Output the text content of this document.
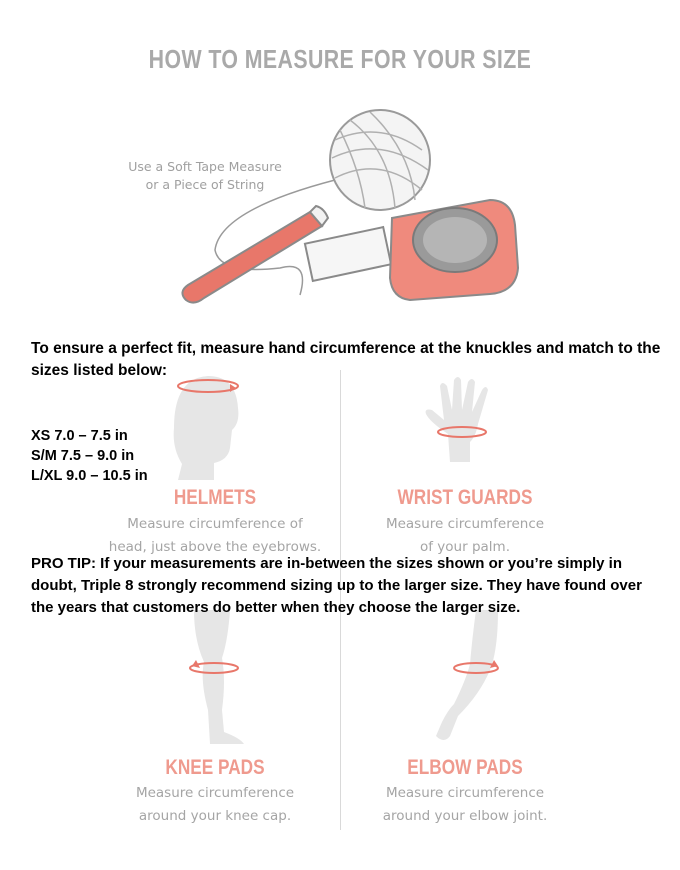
HOW TO MEASURE FOR YOUR SIZE
Use a Soft Tape Measure
or a Piece of String
HELMETS
Measure circumference of
head, just above the eyebrows.
WRIST GUARDS
Measure circumference
of your palm.
KNEE PADS
Measure circumference
around your knee cap.
ELBOW PADS
Measure circumference
around your elbow joint.
To ensure a perfect fit, measure hand circumference at the knuckles and match to the sizes listed below:
XS 7.0 – 7.5 in
S/M 7.5 – 9.0 in
L/XL 9.0 – 10.5 in
PRO TIP: If your measurements are in-between the sizes shown or you’re simply in doubt, Triple 8 strongly recommend sizing up to the larger size. They have found over the years that customers do better when they choose the larger size.
